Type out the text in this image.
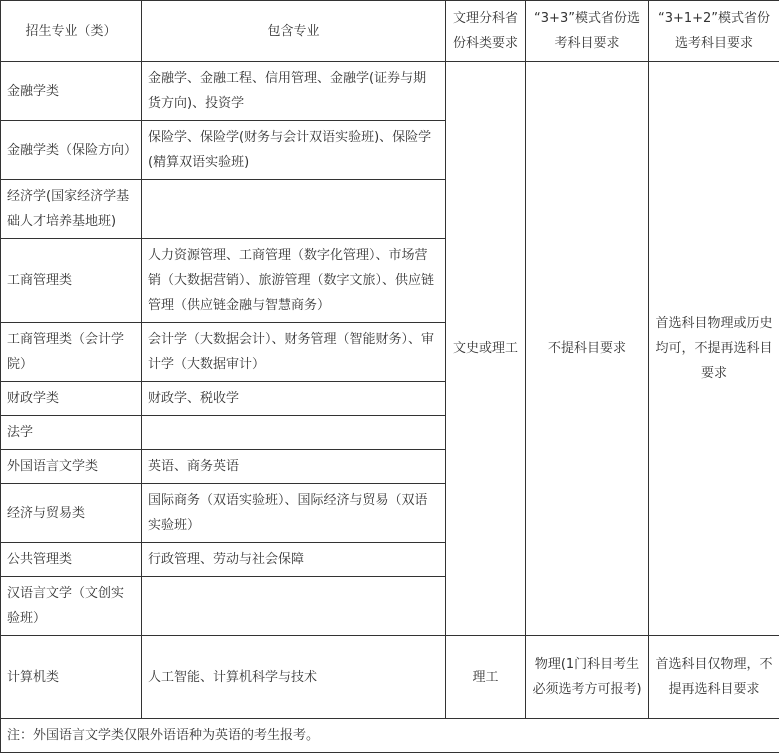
招生专业（类）	包含专业	文理分科省份科类要求	“3+3”模式省份选考科目要求	“3+1+2”模式省份选考科目要求
金融学类	金融学、金融工程、信用管理、金融学(证券与期货方向)、投资学	文史或理工	不提科目要求	首选科目物理或历史均可，不提再选科目要求
金融学类（保险方向）	保险学、保险学(财务与会计双语实验班)、保险学(精算双语实验班)			
经济学(国家经济学基础人才培养基地班)				
工商管理类	人力资源管理、工商管理（数字化管理）、市场营销（大数据营销）、旅游管理（数字文旅）、供应链管理（供应链金融与智慧商务）			
工商管理类（会计学院）	会计学（大数据会计）、财务管理（智能财务）、审计学（大数据审计）			
财政学类	财政学、税收学			
法学				
外国语言文学类	英语、商务英语			
经济与贸易类	国际商务（双语实验班）、国际经济与贸易（双语实验班）			
公共管理类	行政管理、劳动与社会保障			
汉语言文学（文创实验班）				
计算机类	人工智能、计算机科学与技术	理工	物理(1门科目考生必须选考方可报考)	首选科目仅物理，不提再选科目要求
注：外国语言文学类仅限外语语种为英语的考生报考。				
